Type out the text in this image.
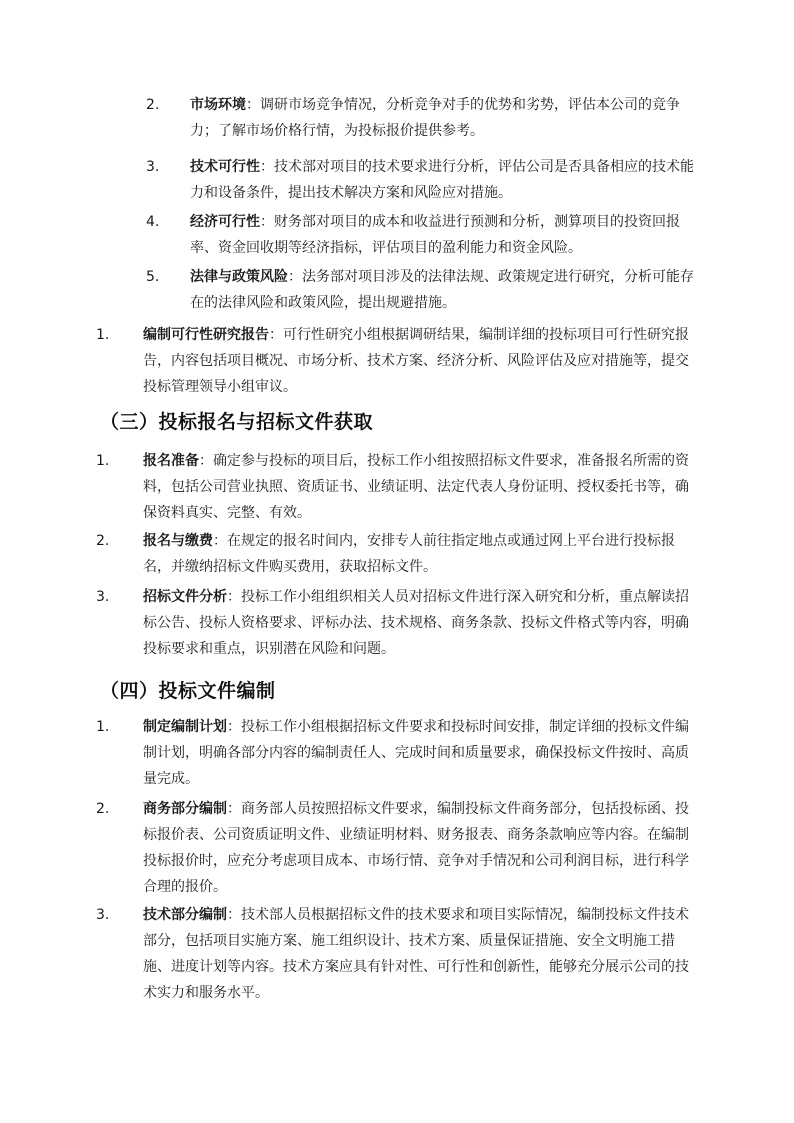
2. 市场环境：调研市场竞争情况，分析竞争对手的优势和劣势，评估本公司的竞争力；了解市场价格行情，为投标报价提供参考。
3. 技术可行性：技术部对项目的技术要求进行分析，评估公司是否具备相应的技术能力和设备条件，提出技术解决方案和风险应对措施。
4. 经济可行性：财务部对项目的成本和收益进行预测和分析，测算项目的投资回报率、资金回收期等经济指标，评估项目的盈利能力和资金风险。
5. 法律与政策风险：法务部对项目涉及的法律法规、政策规定进行研究，分析可能存在的法律风险和政策风险，提出规避措施。
1. 编制可行性研究报告：可行性研究小组根据调研结果，编制详细的投标项目可行性研究报告，内容包括项目概况、市场分析、技术方案、经济分析、风险评估及应对措施等，提交投标管理领导小组审议。
（三）投标报名与招标文件获取
1. 报名准备：确定参与投标的项目后，投标工作小组按照招标文件要求，准备报名所需的资料，包括公司营业执照、资质证书、业绩证明、法定代表人身份证明、授权委托书等，确保资料真实、完整、有效。
2. 报名与缴费：在规定的报名时间内，安排专人前往指定地点或通过网上平台进行投标报名，并缴纳招标文件购买费用，获取招标文件。
3. 招标文件分析：投标工作小组组织相关人员对招标文件进行深入研究和分析，重点解读招标公告、投标人资格要求、评标办法、技术规格、商务条款、投标文件格式等内容，明确投标要求和重点，识别潜在风险和问题。
（四）投标文件编制
1. 制定编制计划：投标工作小组根据招标文件要求和投标时间安排，制定详细的投标文件编制计划，明确各部分内容的编制责任人、完成时间和质量要求，确保投标文件按时、高质量完成。
2. 商务部分编制：商务部人员按照招标文件要求，编制投标文件商务部分，包括投标函、投标报价表、公司资质证明文件、业绩证明材料、财务报表、商务条款响应等内容。在编制投标报价时，应充分考虑项目成本、市场行情、竞争对手情况和公司利润目标，进行科学合理的报价。
3. 技术部分编制：技术部人员根据招标文件的技术要求和项目实际情况，编制投标文件技术部分，包括项目实施方案、施工组织设计、技术方案、质量保证措施、安全文明施工措施、进度计划等内容。技术方案应具有针对性、可行性和创新性，能够充分展示公司的技术实力和服务水平。
